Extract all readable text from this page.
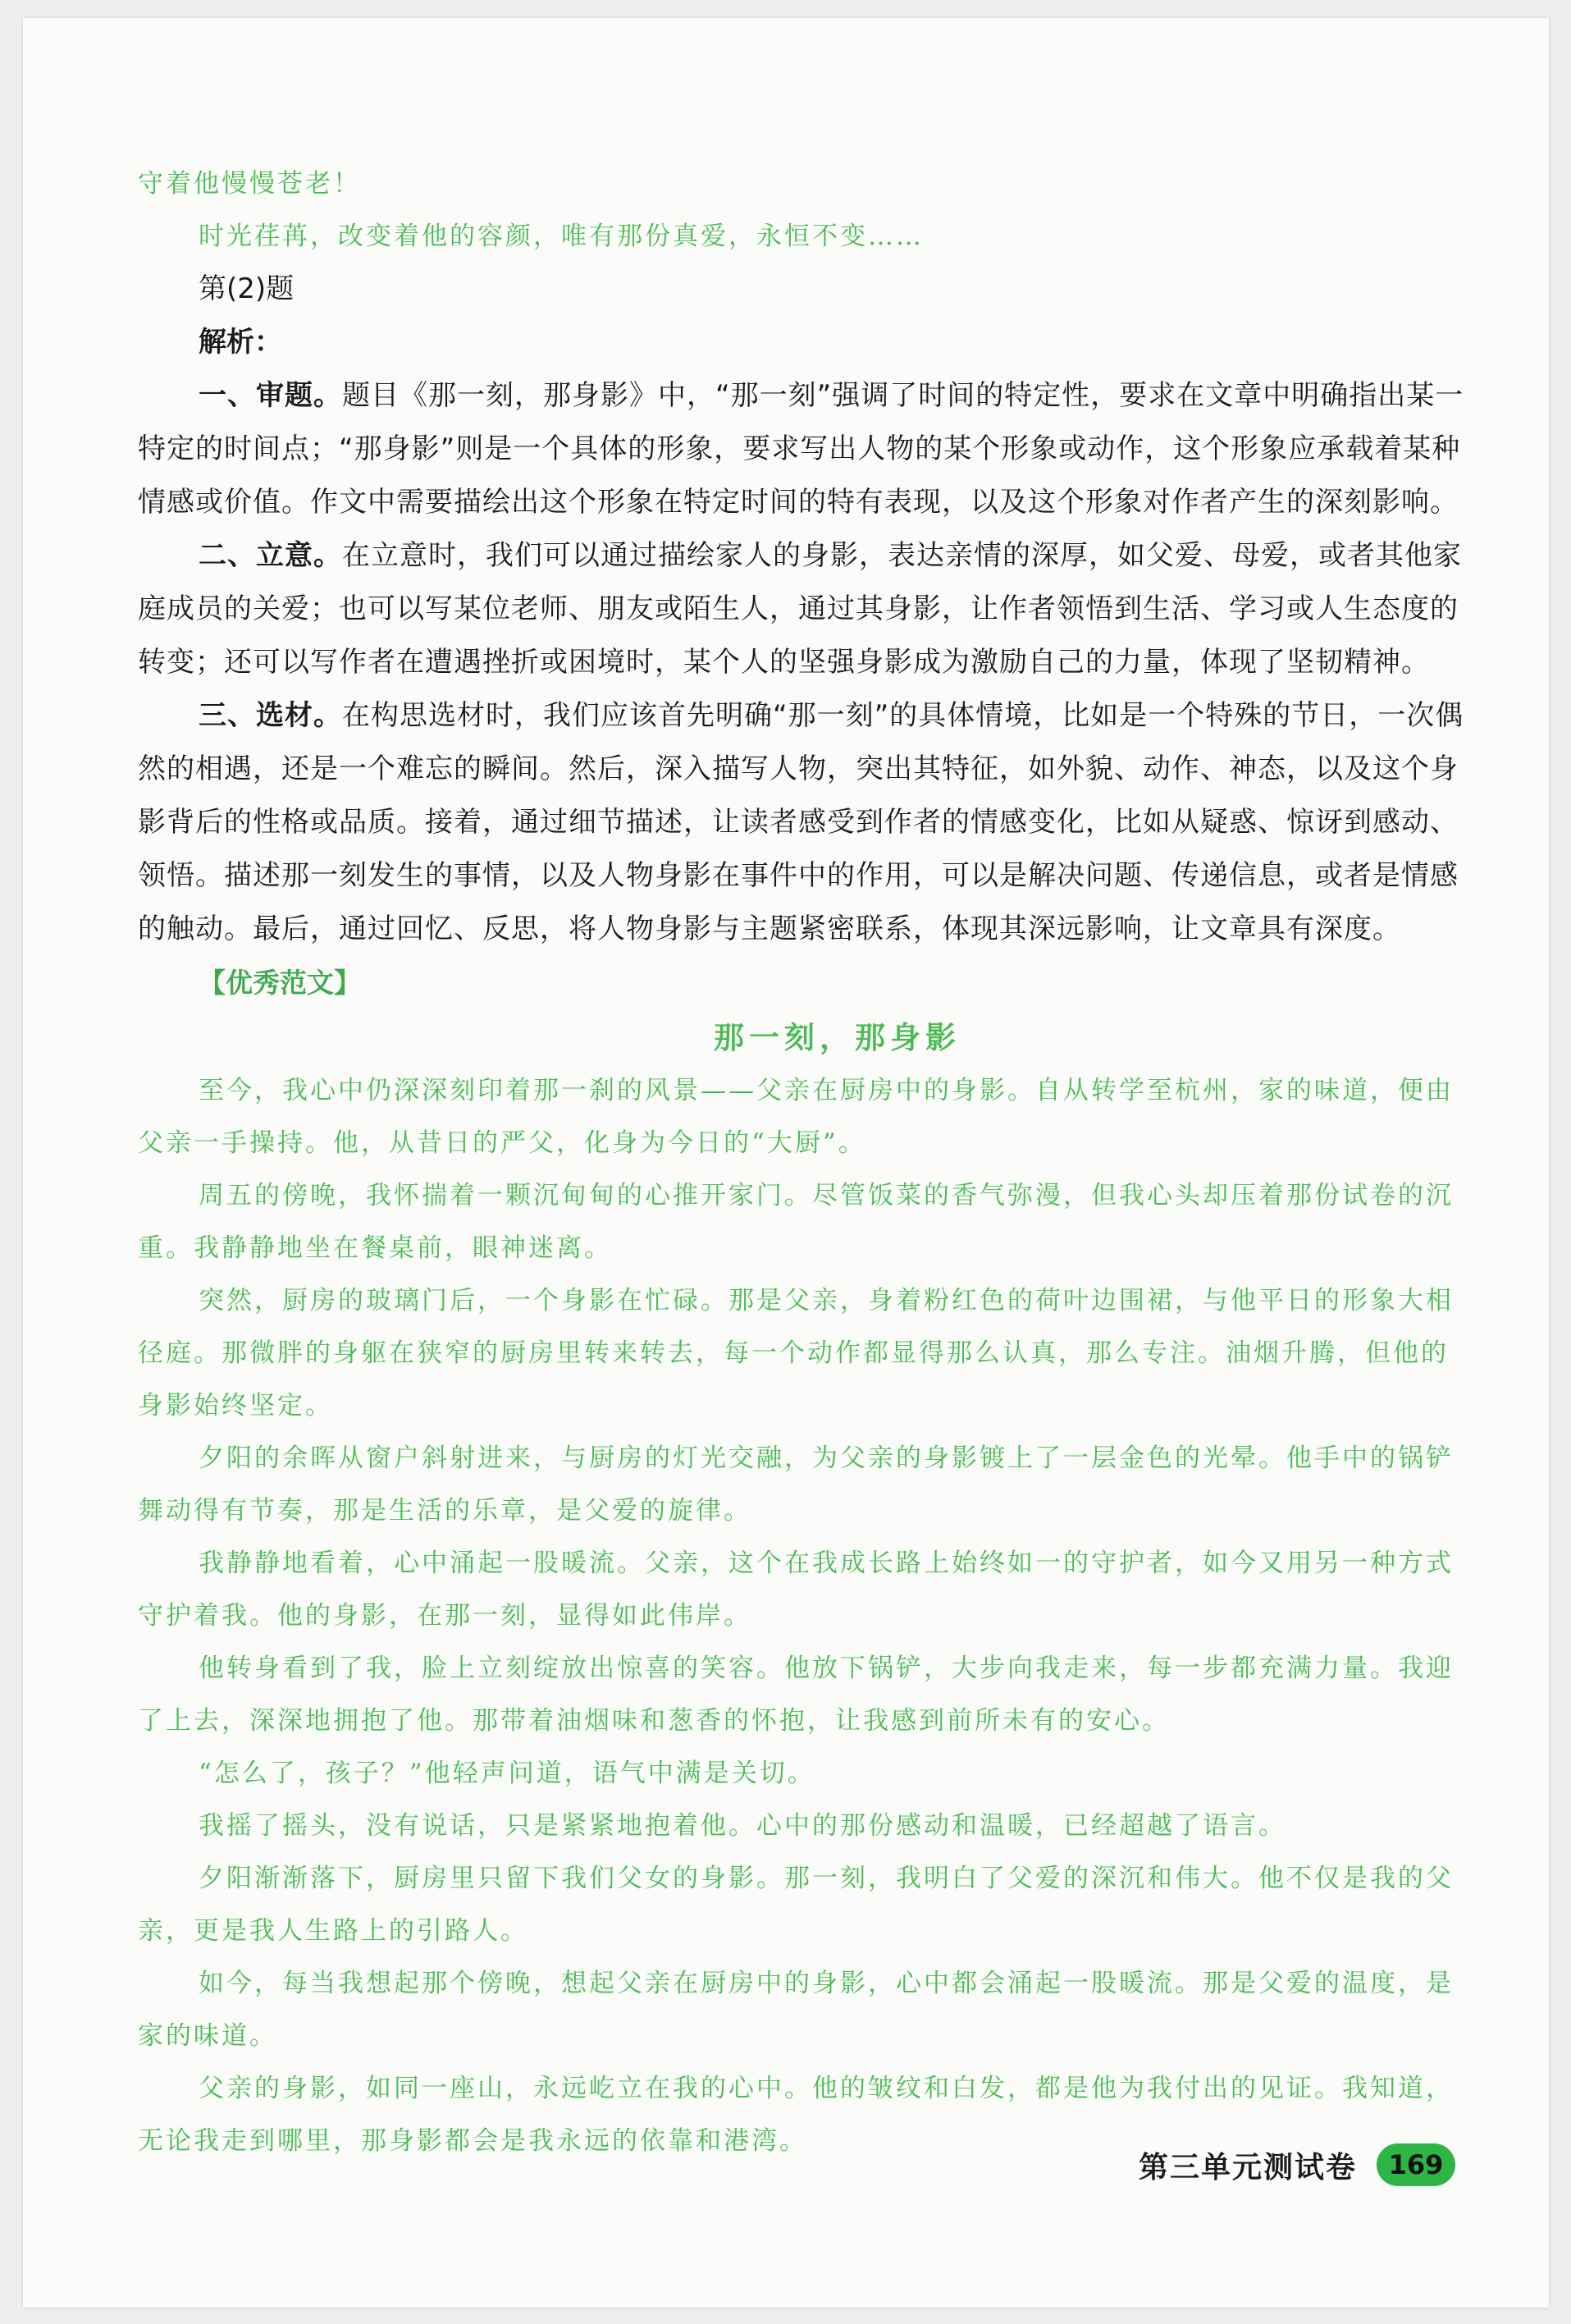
守着他慢慢苍老！

时光荏苒，改变着他的容颜，唯有那份真爱，永恒不变……

第(2)题

解析：

一、审题。题目《那一刻，那身影》中，“那一刻”强调了时间的特定性，要求在文章中明确指出某一特定的时间点；“那身影”则是一个具体的形象，要求写出人物的某个形象或动作，这个形象应承载着某种情感或价值。作文中需要描绘出这个形象在特定时间的特有表现，以及这个形象对作者产生的深刻影响。

二、立意。在立意时，我们可以通过描绘家人的身影，表达亲情的深厚，如父爱、母爱，或者其他家庭成员的关爱；也可以写某位老师、朋友或陌生人，通过其身影，让作者领悟到生活、学习或人生态度的转变；还可以写作者在遭遇挫折或困境时，某个人的坚强身影成为激励自己的力量，体现了坚韧精神。

三、选材。在构思选材时，我们应该首先明确“那一刻”的具体情境，比如是一个特殊的节日，一次偶然的相遇，还是一个难忘的瞬间。然后，深入描写人物，突出其特征，如外貌、动作、神态，以及这个身影背后的性格或品质。接着，通过细节描述，让读者感受到作者的情感变化，比如从疑惑、惊讶到感动、领悟。描述那一刻发生的事情，以及人物身影在事件中的作用，可以是解决问题、传递信息，或者是情感的触动。最后，通过回忆、反思，将人物身影与主题紧密联系，体现其深远影响，让文章具有深度。

【优秀范文】

那一刻，那身影

至今，我心中仍深深刻印着那一刹的风景——父亲在厨房中的身影。自从转学至杭州，家的味道，便由父亲一手操持。他，从昔日的严父，化身为今日的“大厨”。

周五的傍晚，我怀揣着一颗沉甸甸的心推开家门。尽管饭菜的香气弥漫，但我心头却压着那份试卷的沉重。我静静地坐在餐桌前，眼神迷离。

突然，厨房的玻璃门后，一个身影在忙碌。那是父亲，身着粉红色的荷叶边围裙，与他平日的形象大相径庭。那微胖的身躯在狭窄的厨房里转来转去，每一个动作都显得那么认真，那么专注。油烟升腾，但他的身影始终坚定。

夕阳的余晖从窗户斜射进来，与厨房的灯光交融，为父亲的身影镀上了一层金色的光晕。他手中的锅铲舞动得有节奏，那是生活的乐章，是父爱的旋律。

我静静地看着，心中涌起一股暖流。父亲，这个在我成长路上始终如一的守护者，如今又用另一种方式守护着我。他的身影，在那一刻，显得如此伟岸。

他转身看到了我，脸上立刻绽放出惊喜的笑容。他放下锅铲，大步向我走来，每一步都充满力量。我迎了上去，深深地拥抱了他。那带着油烟味和葱香的怀抱，让我感到前所未有的安心。

“怎么了，孩子？”他轻声问道，语气中满是关切。

我摇了摇头，没有说话，只是紧紧地抱着他。心中的那份感动和温暖，已经超越了语言。

夕阳渐渐落下，厨房里只留下我们父女的身影。那一刻，我明白了父爱的深沉和伟大。他不仅是我的父亲，更是我人生路上的引路人。

如今，每当我想起那个傍晚，想起父亲在厨房中的身影，心中都会涌起一股暖流。那是父爱的温度，是家的味道。

父亲的身影，如同一座山，永远屹立在我的心中。他的皱纹和白发，都是他为我付出的见证。我知道，无论我走到哪里，那身影都会是我永远的依靠和港湾。

第三单元测试卷	169
